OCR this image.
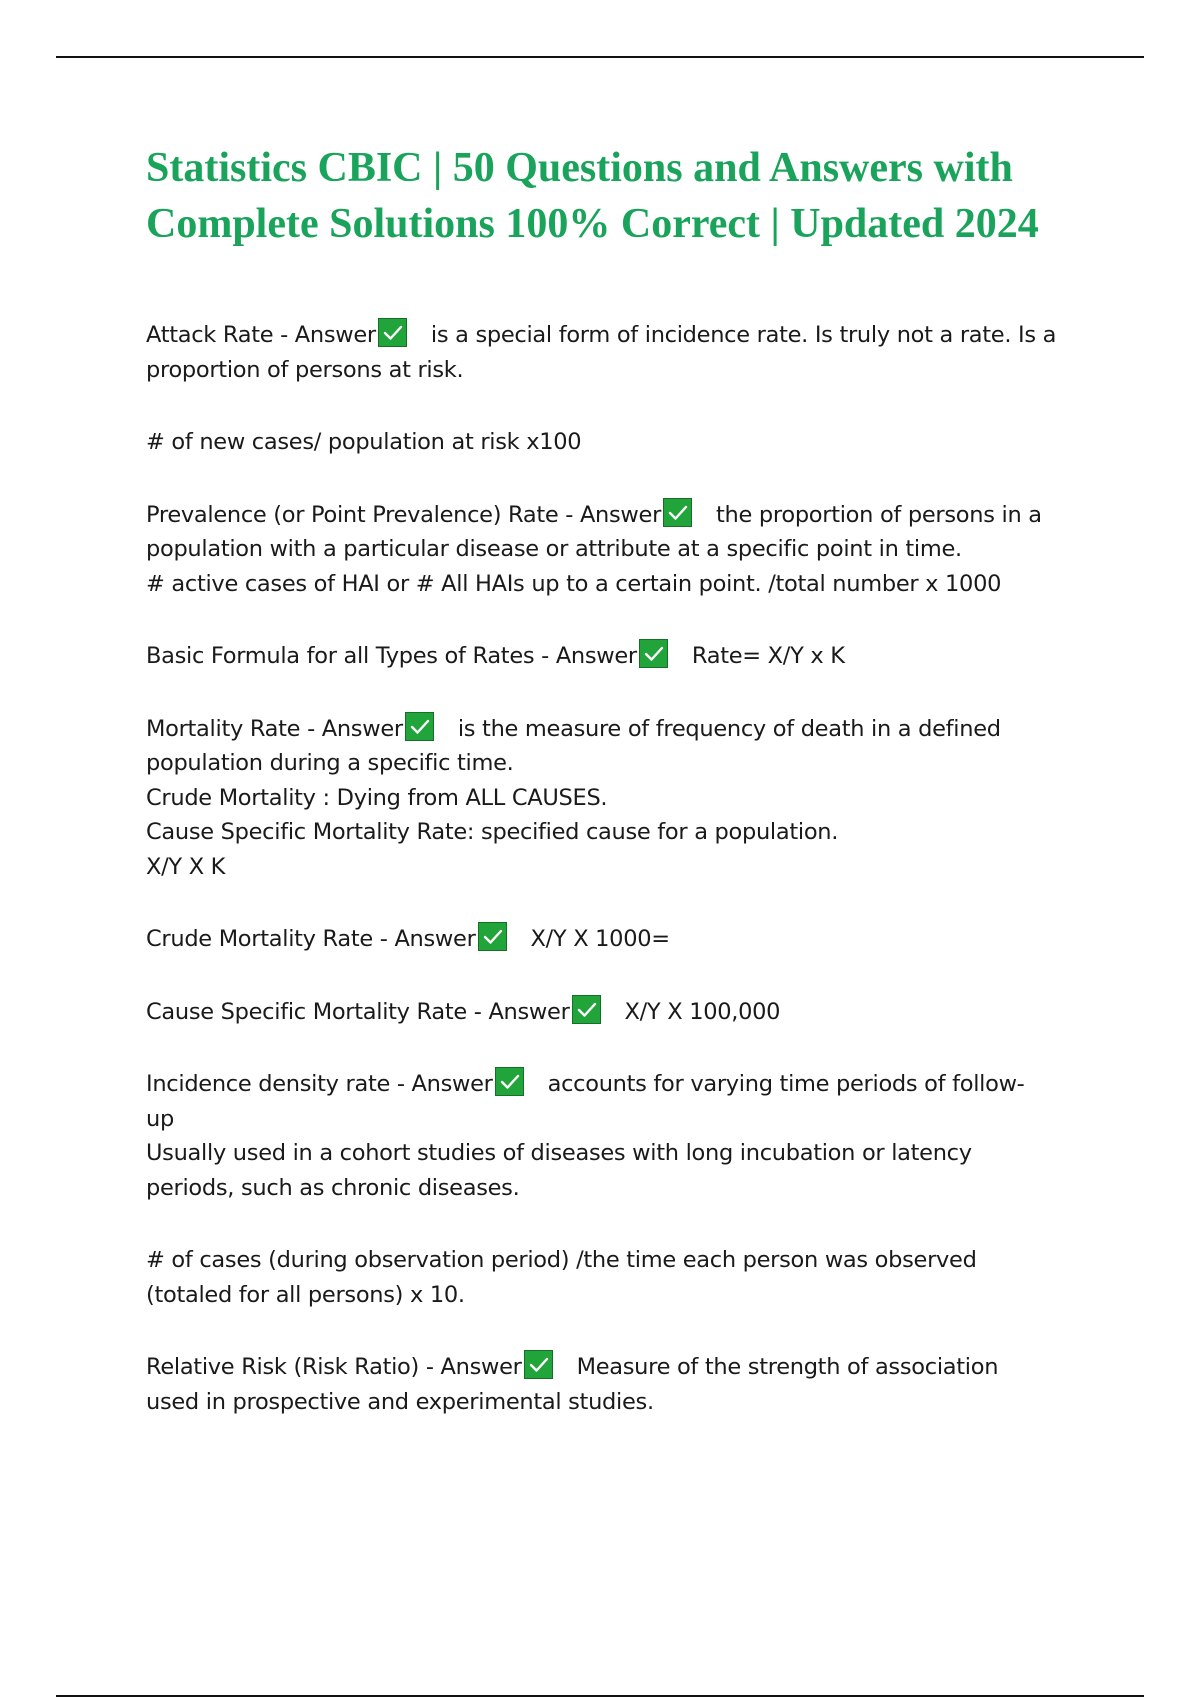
Statistics CBIC | 50 Questions and Answers with
Complete Solutions 100% Correct | Updated 2024
Attack Rate - Answer is a special form of incidence rate. Is truly not a rate. Is a
proportion of persons at risk.
# of new cases/ population at risk x100
Prevalence (or Point Prevalence) Rate - Answer the proportion of persons in a
population with a particular disease or attribute at a specific point in time.
# active cases of HAI or # All HAIs up to a certain point. /total number x 1000
Basic Formula for all Types of Rates - Answer Rate= X/Y x K
Mortality Rate - Answer is the measure of frequency of death in a defined
population during a specific time.
Crude Mortality : Dying from ALL CAUSES.
Cause Specific Mortality Rate: specified cause for a population.
X/Y X K
Crude Mortality Rate - Answer X/Y X 1000=
Cause Specific Mortality Rate - Answer X/Y X 100,000
Incidence density rate - Answer accounts for varying time periods of follow-
up
Usually used in a cohort studies of diseases with long incubation or latency
periods, such as chronic diseases.
# of cases (during observation period) /the time each person was observed
(totaled for all persons) x 10.
Relative Risk (Risk Ratio) - Answer Measure of the strength of association
used in prospective and experimental studies.
